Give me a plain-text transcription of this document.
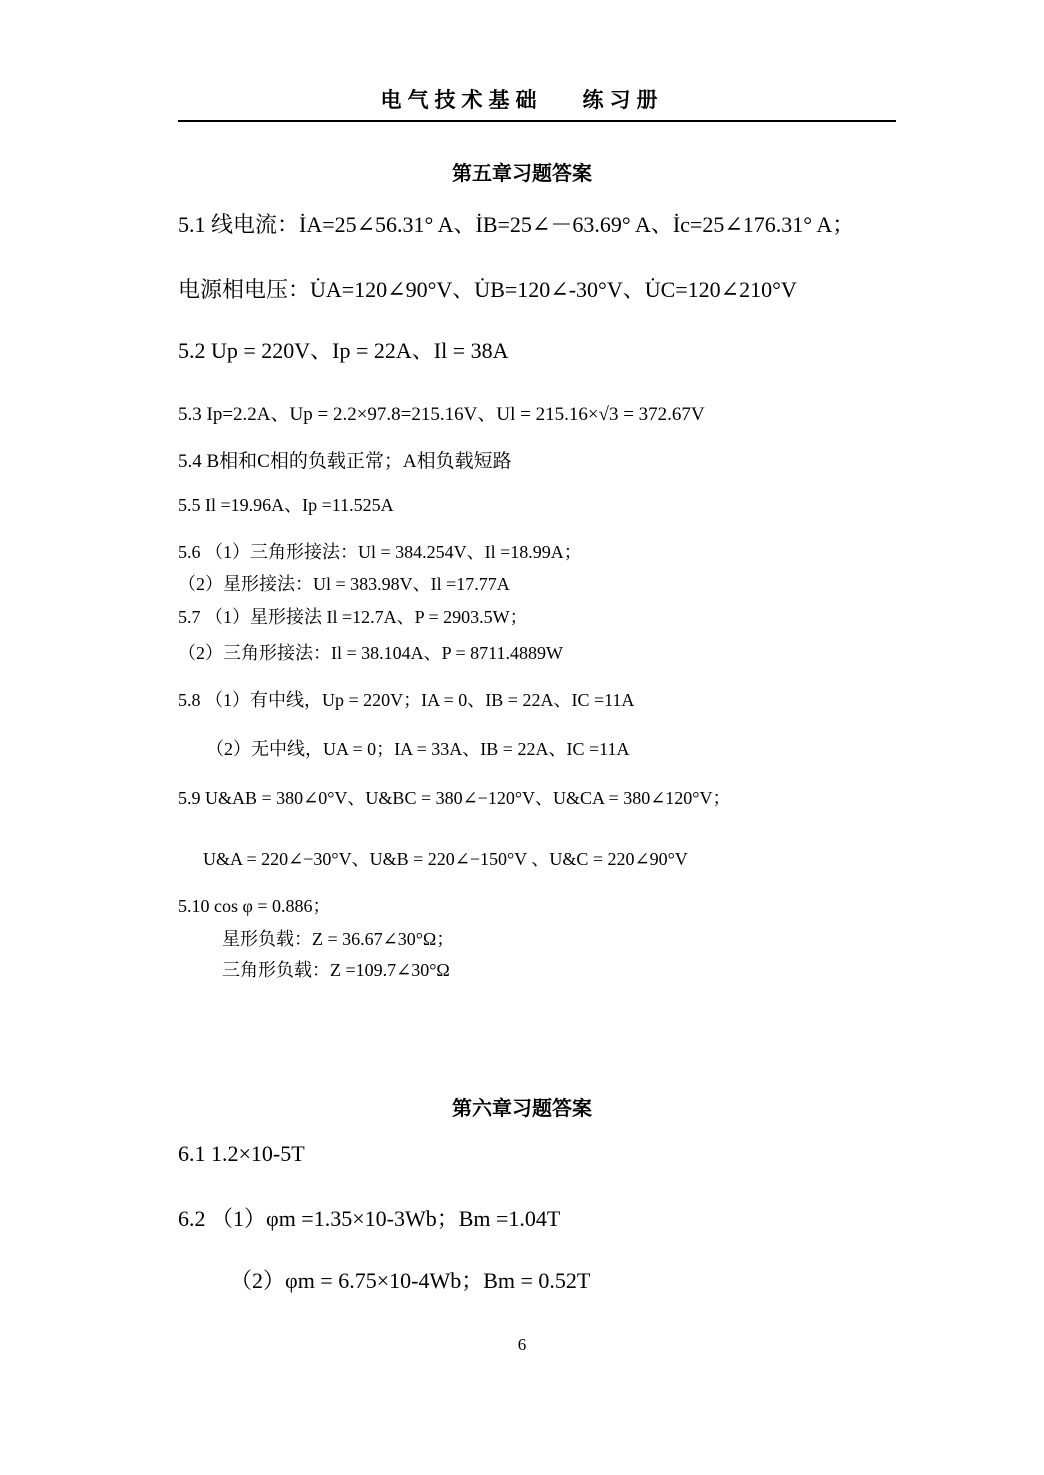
电气技术基础 练习册
第五章习题答案
5.1 线电流：İA=25∠56.31° A、İB=25∠－63.69° A、İc=25∠176.31° A；
电源相电压：U̇A=120∠90°V、U̇B=120∠-30°V、U̇C=120∠210°V
5.2 Up = 220V、Ip = 22A、Il = 38A
5.3 Ip=2.2A、Up = 2.2×97.8=215.16V、Ul = 215.16×√3 = 372.67V
5.4 B相和C相的负载正常；A相负载短路
5.5 Il =19.96A、Ip =11.525A
5.6 （1）三角形接法：Ul = 384.254V、Il =18.99A；
（2）星形接法：Ul = 383.98V、Il =17.77A
5.7 （1）星形接法 Il =12.7A、P = 2903.5W；
（2）三角形接法：Il = 38.104A、P = 8711.4889W
5.8 （1）有中线，Up = 220V；IA = 0、IB = 22A、IC =11A
（2）无中线，UA = 0；IA = 33A、IB = 22A、IC =11A
5.9 U&AB = 380∠0°V、U&BC = 380∠−120°V、U&CA = 380∠120°V；
U&A = 220∠−30°V、U&B = 220∠−150°V 、U&C = 220∠90°V
5.10 cos φ = 0.886；
星形负载：Z = 36.67∠30°Ω；
三角形负载：Z =109.7∠30°Ω
第六章习题答案
6.1 1.2×10-5T
6.2 （1）φm =1.35×10-3Wb；Bm =1.04T
（2）φm = 6.75×10-4Wb；Bm = 0.52T
6
